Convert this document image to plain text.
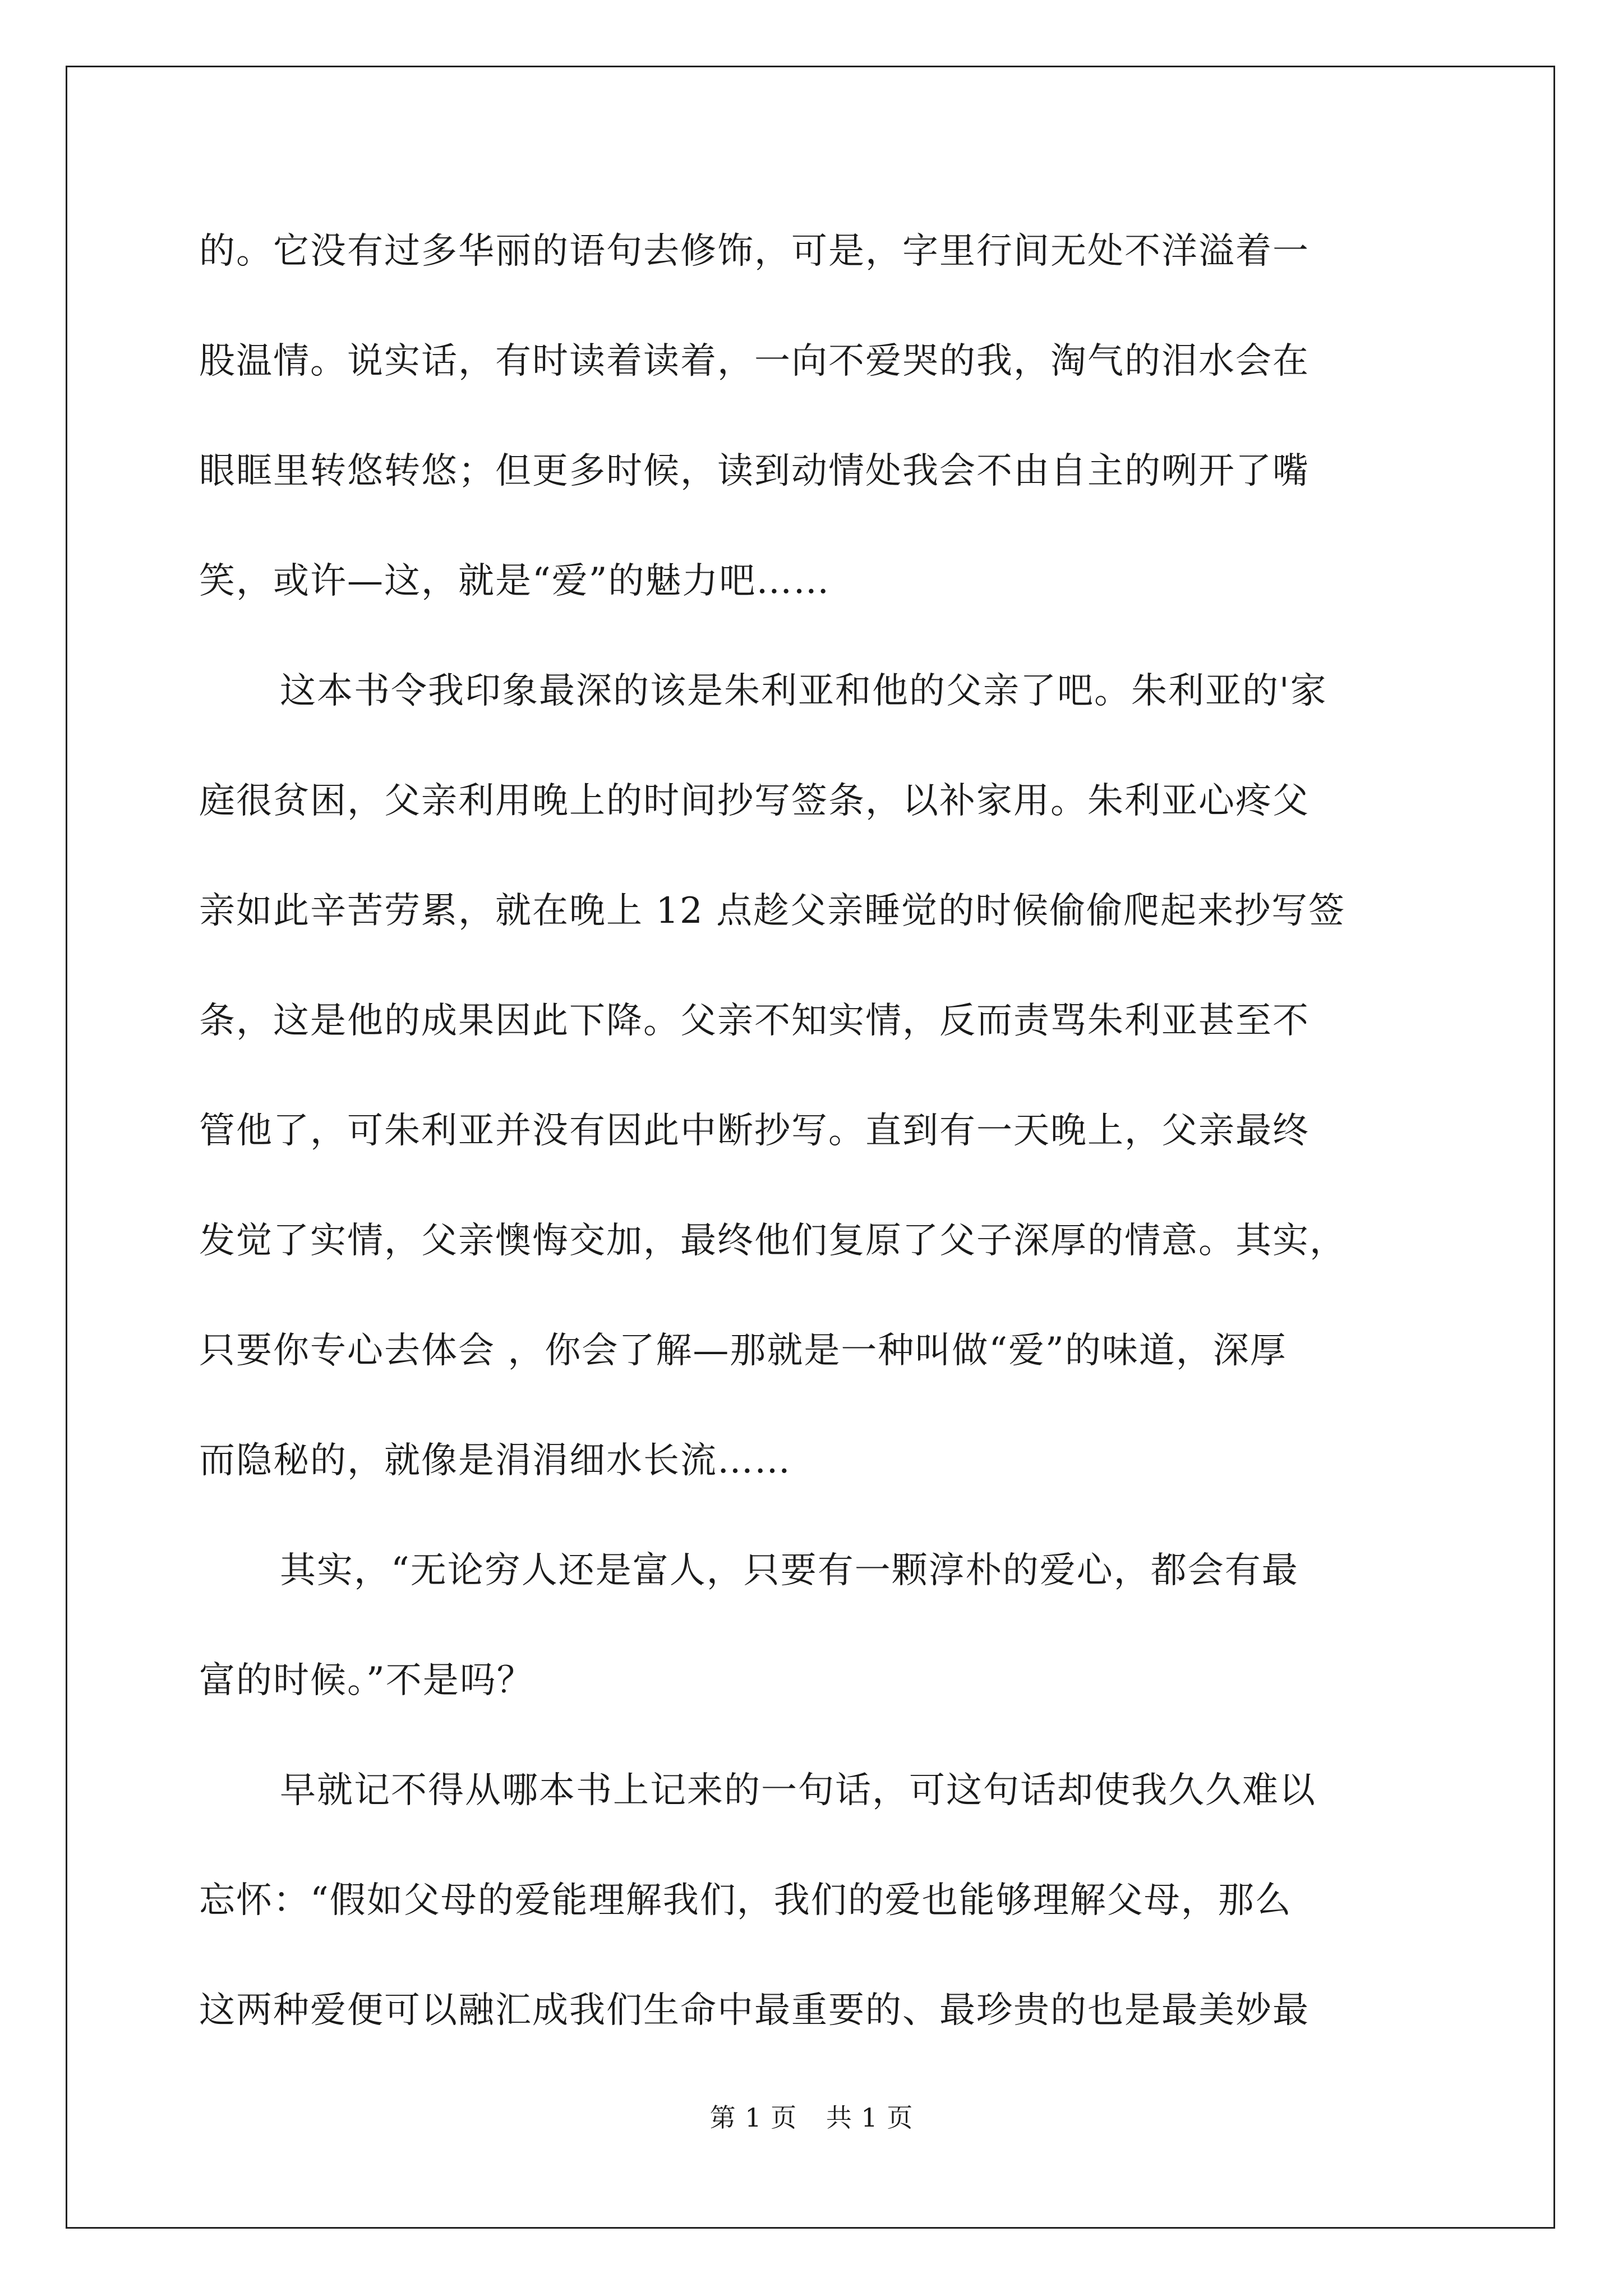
的。它没有过多华丽的语句去修饰，可是，字里行间无处不洋溢着一
股温情。说实话，有时读着读着，一向不爱哭的我，淘气的泪水会在
眼眶里转悠转悠；但更多时候，读到动情处我会不由自主的咧开了嘴
笑，或许—这，就是“爱”的魅力吧……
这本书令我印象最深的该是朱利亚和他的父亲了吧。朱利亚的'家
庭很贫困，父亲利用晚上的时间抄写签条，以补家用。朱利亚心疼父
亲如此辛苦劳累，就在晚上 12 点趁父亲睡觉的时候偷偷爬起来抄写签
条，这是他的成果因此下降。父亲不知实情，反而责骂朱利亚甚至不
管他了，可朱利亚并没有因此中断抄写。直到有一天晚上，父亲最终
发觉了实情，父亲懊悔交加，最终他们复原了父子深厚的情意。其实，
只要你专心去体会 ，你会了解—那就是一种叫做“爱”的味道，深厚
而隐秘的，就像是涓涓细水长流……
其实，“无论穷人还是富人，只要有一颗淳朴的爱心，都会有最
富的时候。”不是吗？
早就记不得从哪本书上记来的一句话，可这句话却使我久久难以
忘怀：“假如父母的爱能理解我们，我们的爱也能够理解父母，那么
这两种爱便可以融汇成我们生命中最重要的、最珍贵的也是最美妙最
第 1 页 共 1 页
